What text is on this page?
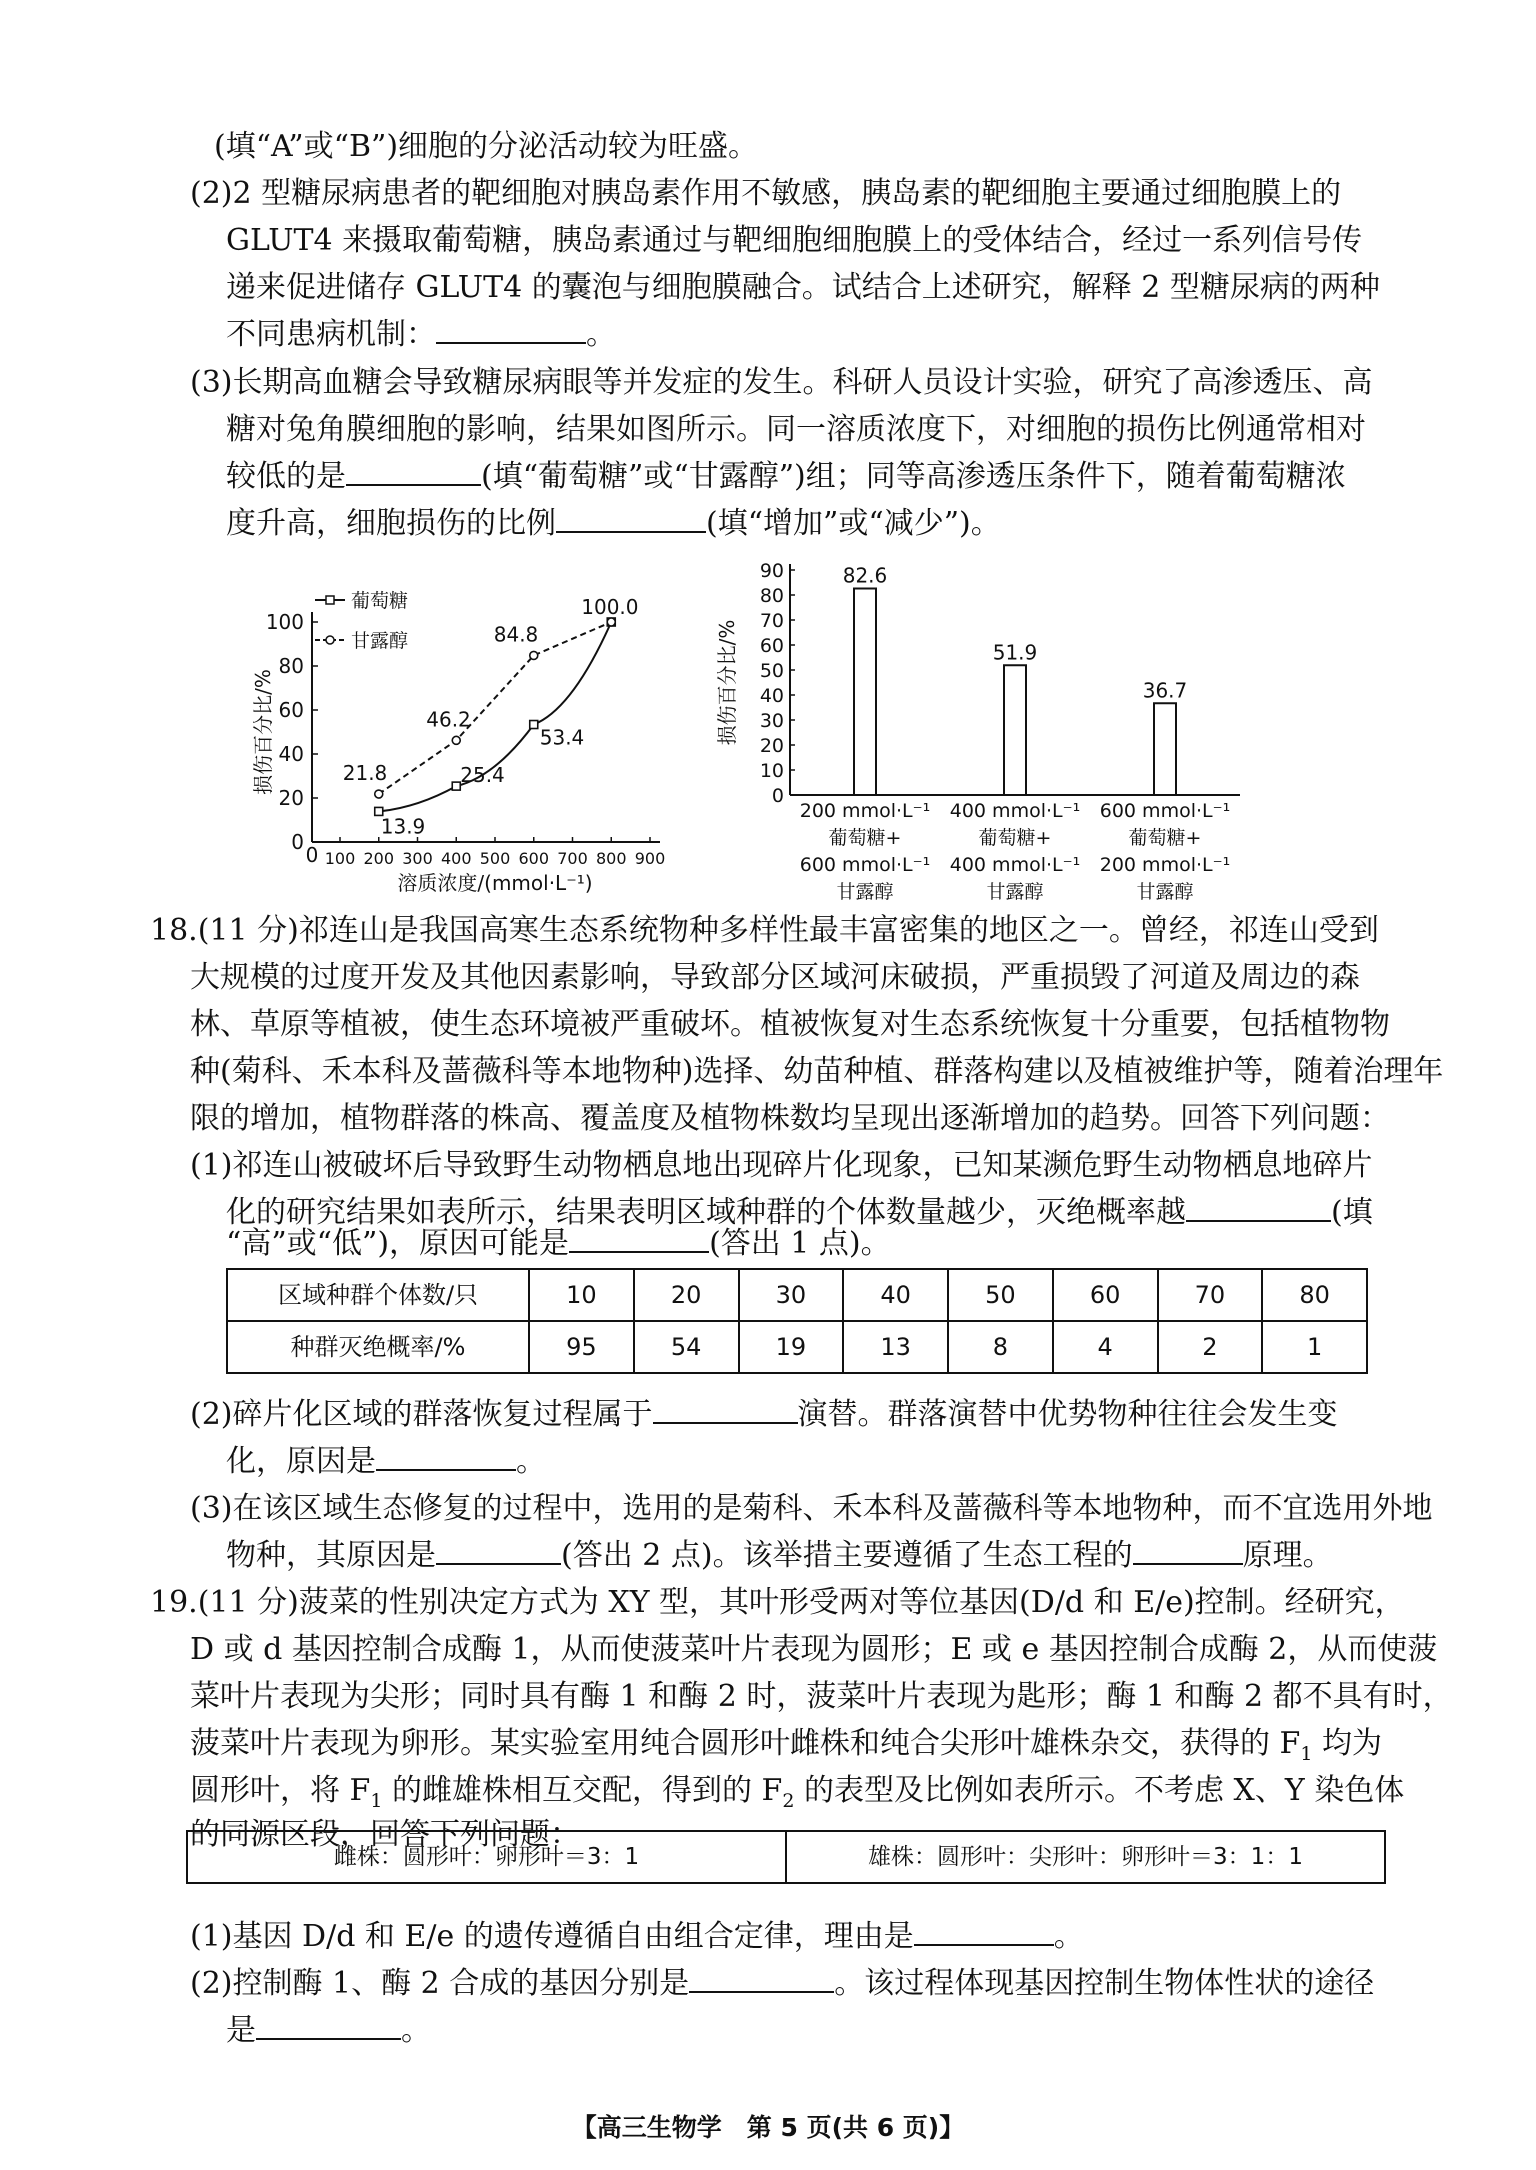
(填“A”或“B”)细胞的分泌活动较为旺盛。
(2)2 型糖尿病患者的靶细胞对胰岛素作用不敏感，胰岛素的靶细胞主要通过细胞膜上的
GLUT4 来摄取葡萄糖，胰岛素通过与靶细胞细胞膜上的受体结合，经过一系列信号传
递来促进储存 GLUT4 的囊泡与细胞膜融合。试结合上述研究，解释 2 型糖尿病的两种
不同患病机制：	。
(3)长期高血糖会导致糖尿病眼等并发症的发生。科研人员设计实验，研究了高渗透压、高
糖对兔角膜细胞的影响，结果如图所示。同一溶质浓度下，对细胞的损伤比例通常相对
较低的是	(填“葡萄糖”或“甘露醇”)组；同等高渗透压条件下，随着葡萄糖浓
度升高，细胞损伤的比例	(填“增加”或“减少”)。
0
20
40
60
80
100
0 100 200 300 400 500 600 700 800 900
溶质浓度/(mmol·L⁻¹)
损伤百分比/%
13.9
25.4
53.4
100.0
21.8
46.2
84.8
葡萄糖
甘露醇
0
10
20
30
40
50
60
70
80
90
损伤百分比/%
82.6
200 mmol·L⁻¹
葡萄糖+
600 mmol·L⁻¹
甘露醇
51.9
400 mmol·L⁻¹
葡萄糖+
400 mmol·L⁻¹
甘露醇
36.7
600 mmol·L⁻¹
葡萄糖+
200 mmol·L⁻¹
甘露醇
18.(11 分)祁连山是我国高寒生态系统物种多样性最丰富密集的地区之一。曾经，祁连山受到
大规模的过度开发及其他因素影响，导致部分区域河床破损，严重损毁了河道及周边的森
林、草原等植被，使生态环境被严重破坏。植被恢复对生态系统恢复十分重要，包括植物物
种(菊科、禾本科及蔷薇科等本地物种)选择、幼苗种植、群落构建以及植被维护等，随着治理年
限的增加，植物群落的株高、覆盖度及植物株数均呈现出逐渐增加的趋势。回答下列问题：
(1)祁连山被破坏后导致野生动物栖息地出现碎片化现象，已知某濒危野生动物栖息地碎片
化的研究结果如表所示，结果表明区域种群的个体数量越少，灭绝概率越	(填
“高”或“低”)，原因可能是	(答出 1 点)。
区域种群个体数/只	10	20	30	40	50	60	70	80
种群灭绝概率/%	95	54	19	13	8	4	2	1
(2)碎片化区域的群落恢复过程属于	演替。群落演替中优势物种往往会发生变
化，原因是	。
(3)在该区域生态修复的过程中，选用的是菊科、禾本科及蔷薇科等本地物种，而不宜选用外地
物种，其原因是	(答出 2 点)。该举措主要遵循了生态工程的	原理。
19.(11 分)菠菜的性别决定方式为 XY 型，其叶形受两对等位基因(D/d 和 E/e)控制。经研究，
D 或 d 基因控制合成酶 1，从而使菠菜叶片表现为圆形；E 或 e 基因控制合成酶 2，从而使菠
菜叶片表现为尖形；同时具有酶 1 和酶 2 时，菠菜叶片表现为匙形；酶 1 和酶 2 都不具有时，
菠菜叶片表现为卵形。某实验室用纯合圆形叶雌株和纯合尖形叶雄株杂交，获得的 $F_1$ 均为
圆形叶，将 $F_1$ 的雌雄株相互交配，得到的 $F_2$ 的表型及比例如表所示。不考虑 X、Y 染色体
的同源区段，回答下列问题：
雌株：圆形叶：卵形叶＝3：1	雄株：圆形叶：尖形叶：卵形叶＝3：1：1
(1)基因 D/d 和 E/e 的遗传遵循自由组合定律，理由是	。
(2)控制酶 1、酶 2 合成的基因分别是	。该过程体现基因控制生物体性状的途径
是	。
【高三生物学　第 5 页(共 6 页)】
